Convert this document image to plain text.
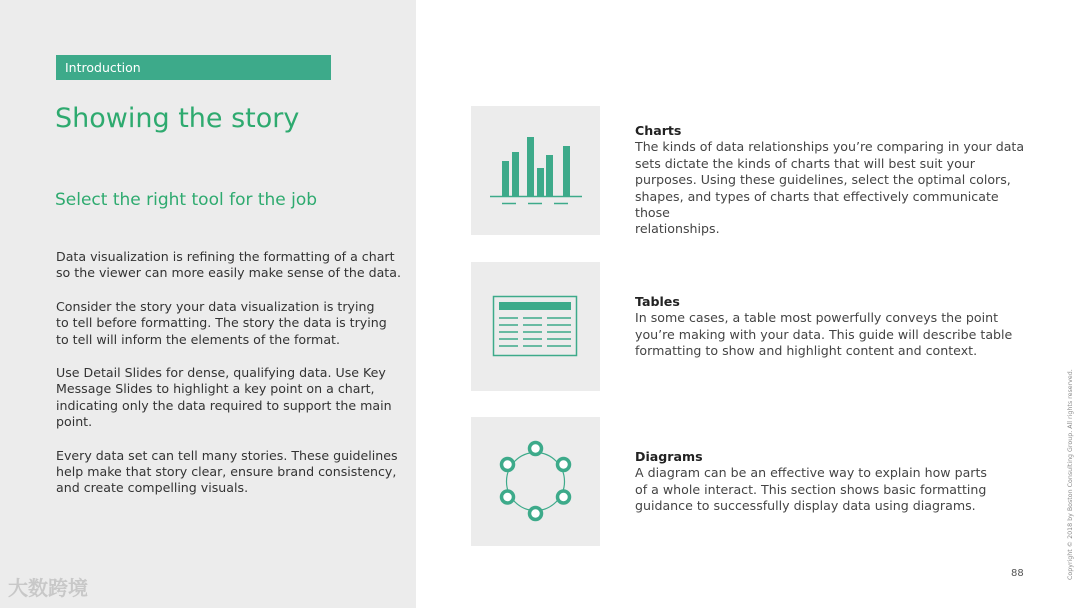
Introduction
Showing the story
Select the right tool for the job

Data visualization is refining the formatting of a chart
so the viewer can more easily make sense of the data.

Consider the story your data visualization is trying
to tell before formatting. The story the data is trying
to tell will inform the elements of the format.

Use Detail Slides for dense, qualifying data. Use Key
Message Slides to highlight a key point on a chart,
indicating only the data required to support the main
point.

Every data set can tell many stories. These guidelines
help make that story clear, ensure brand consistency,
and create compelling visuals.

大数跨境

Charts

The kinds of data relationships you’re comparing in your data
sets dictate the kinds of charts that will best suit your
purposes. Using these guidelines, select the optimal colors,
shapes, and types of charts that effectively communicate those
relationships.

Tables

In some cases, a table most powerfully conveys the point
you’re making with your data. This guide will describe table
formatting to show and highlight content and context.

Diagrams

A diagram can be an effective way to explain how parts
of a whole interact. This section shows basic formatting
guidance to successfully display data using diagrams.

88	Copyright © 2018 by Boston Consulting Group. All rights reserved.
